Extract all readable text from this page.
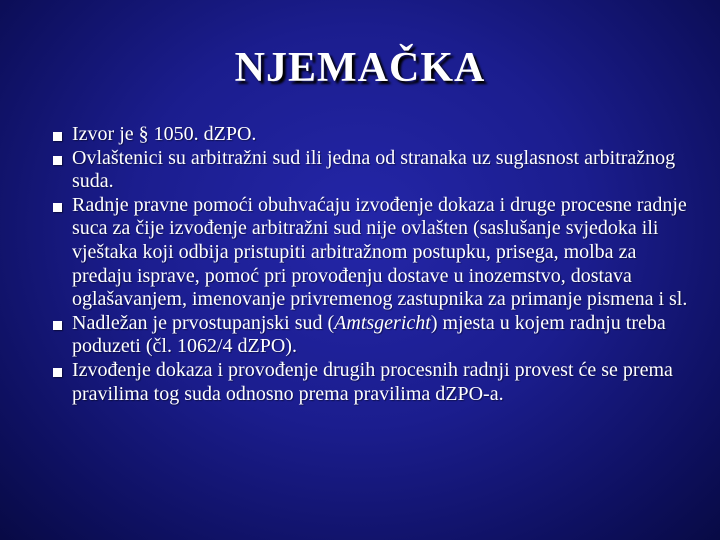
NJEMAČKA
Izvor je § 1050. dZPO.
Ovlaštenici su arbitražni sud ili jedna od stranaka uz suglasnost arbitražnog suda.
Radnje pravne pomoći obuhvaćaju izvođenje dokaza i druge procesne radnje suca za čije izvođenje arbitražni sud nije ovlašten (saslušanje svjedoka ili vještaka koji odbija pristupiti arbitražnom postupku, prisega, molba za predaju isprave, pomoć pri provođenju dostave u inozemstvo, dostava oglašavanjem, imenovanje privremenog zastupnika za primanje pismena i sl.
Nadležan je prvostupanjski sud (Amtsgericht) mjesta u kojem radnju treba poduzeti (čl. 1062/4 dZPO).
Izvođenje dokaza i provođenje drugih procesnih radnji provest će se prema pravilima tog suda odnosno prema pravilima dZPO-a.
